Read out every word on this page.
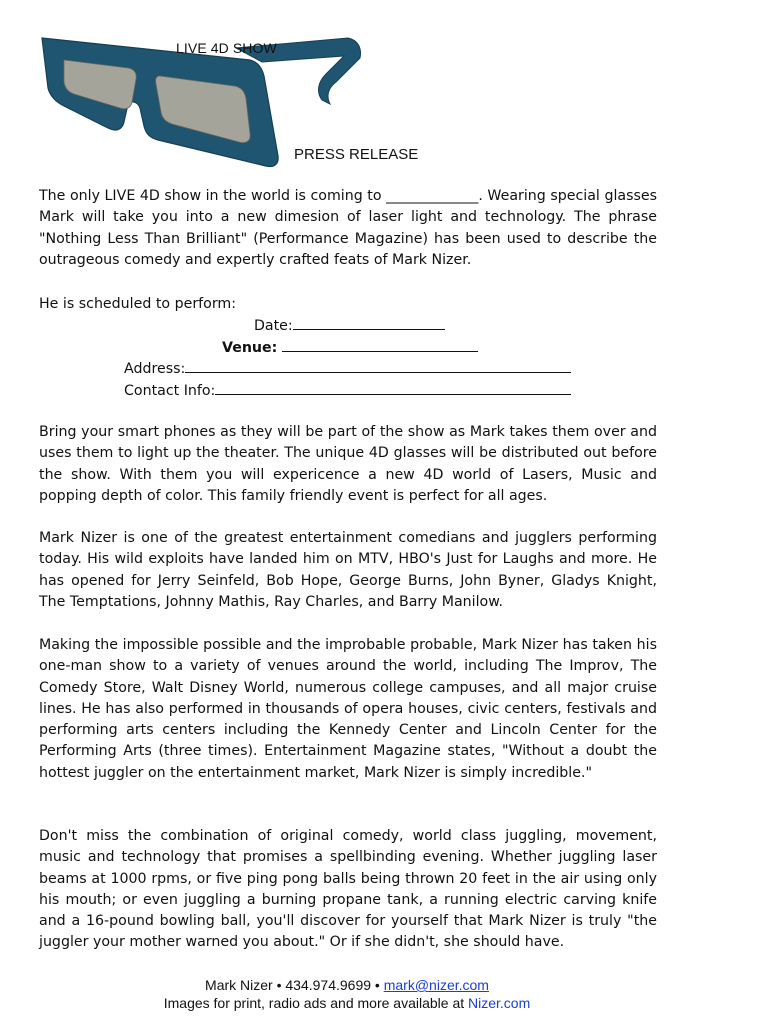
LIVE 4D SHOW
PRESS RELEASE

The only LIVE 4D show in the world is coming to _____________. Wearing special glasses Mark will take you into a new dimesion of laser light and technology. The phrase "Nothing Less Than Brilliant" (Performance Magazine) has been used to describe the outrageous comedy and expertly crafted feats of Mark Nizer.

He is scheduled to perform:
Date:
Venue:
Address:
Contact Info:

Bring your smart phones as they will be part of the show as Mark takes them over and uses them to light up the theater. The unique 4D glasses will be distributed out before the show. With them you will expericence a new 4D world of Lasers, Music and popping depth of color. This family friendly event is perfect for all ages.

Mark Nizer is one of the greatest entertainment comedians and jugglers performing today. His wild exploits have landed him on MTV, HBO's Just for Laughs and more. He has opened for Jerry Seinfeld, Bob Hope, George Burns, John Byner, Gladys Knight, The Temptations, Johnny Mathis, Ray Charles, and Barry Manilow.

Making the impossible possible and the improbable probable, Mark Nizer has taken his one-man show to a variety of venues around the world, including The Improv, The Comedy Store, Walt Disney World, numerous college campuses, and all major cruise lines. He has also performed in thousands of opera houses, civic centers, festivals and performing arts centers including the Kennedy Center and Lincoln Center for the Performing Arts (three times). Entertainment Magazine states, "Without a doubt the hottest juggler on the entertainment market, Mark Nizer is simply incredible."

Don't miss the combination of original comedy, world class juggling, movement, music and technology that promises a spellbinding evening. Whether juggling laser beams at 1000 rpms, or five ping pong balls being thrown 20 feet in the air using only his mouth; or even juggling a burning propane tank, a running electric carving knife and a 16-pound bowling ball, you'll discover for yourself that Mark Nizer is truly "the juggler your mother warned you about." Or if she didn't, she should have.

Mark Nizer • 434.974.9699 • mark@nizer.com
Images for print, radio ads and more available at Nizer.com
